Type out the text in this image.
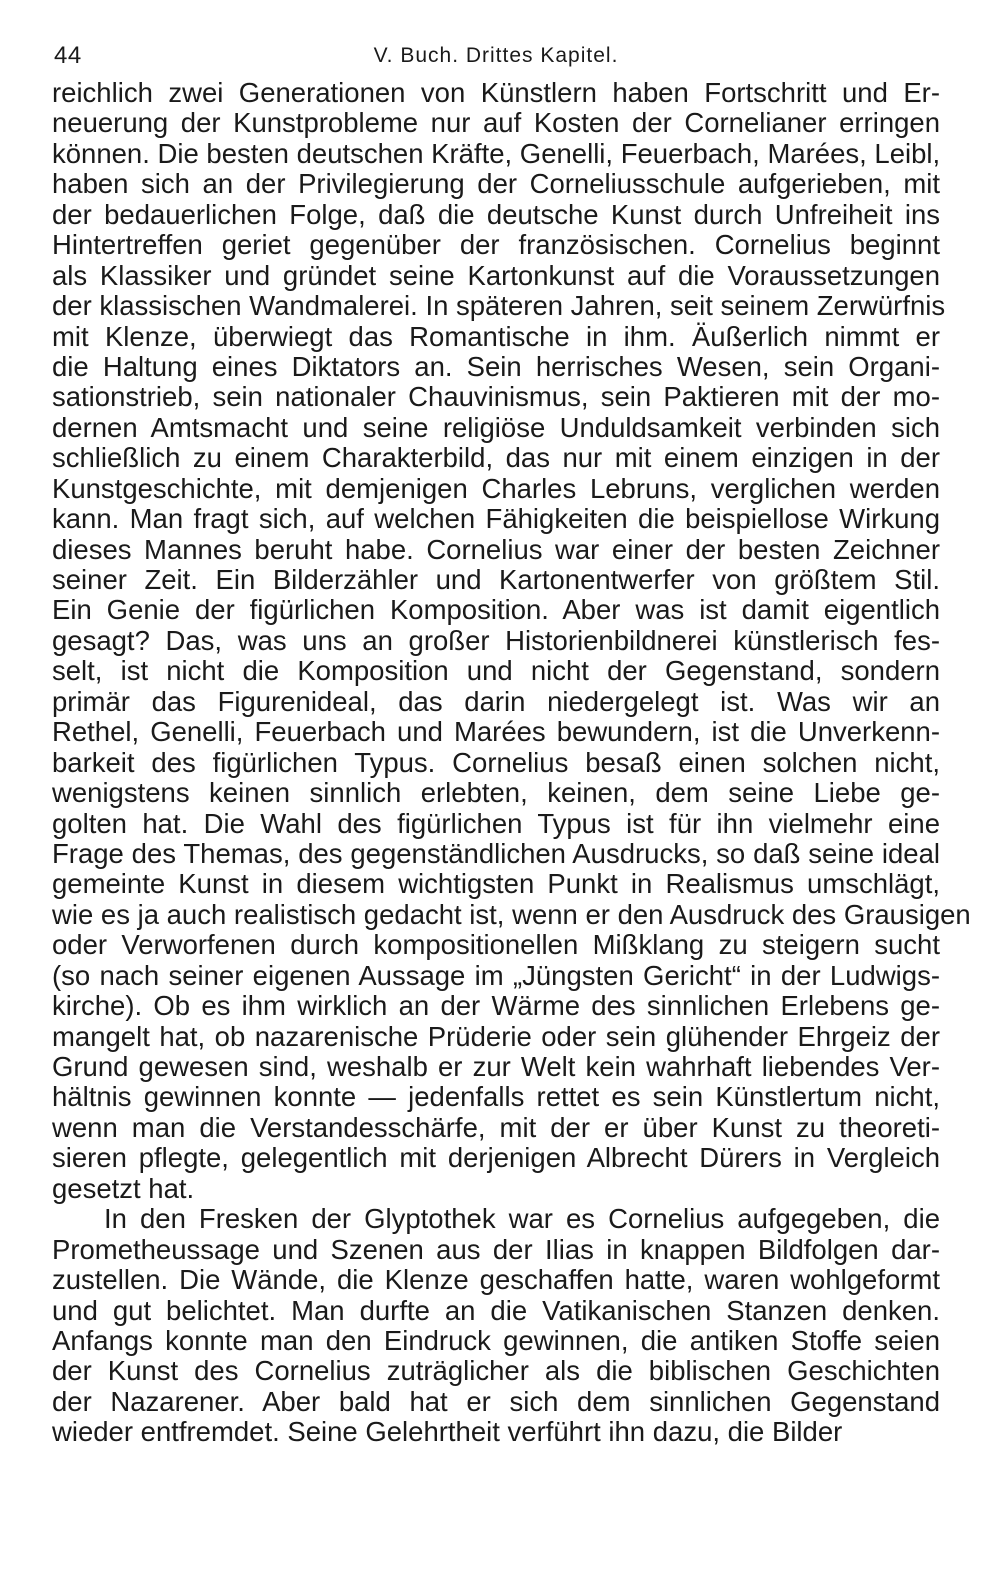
44	V. Buch. Drittes Kapitel.
reichlich zwei Generationen von Künstlern haben Fortschritt und Er-
neuerung der Kunstprobleme nur auf Kosten der Cornelianer erringen
können. Die besten deutschen Kräfte, Genelli, Feuerbach, Marées, Leibl,
haben sich an der Privilegierung der Corneliusschule aufgerieben, mit
der bedauerlichen Folge, daß die deutsche Kunst durch Unfreiheit ins
Hintertreffen geriet gegenüber der französischen. Cornelius beginnt
als Klassiker und gründet seine Kartonkunst auf die Voraussetzungen
der klassischen Wandmalerei. In späteren Jahren, seit seinem Zerwürfnis
mit Klenze, überwiegt das Romantische in ihm. Äußerlich nimmt er
die Haltung eines Diktators an. Sein herrisches Wesen, sein Organi-
sationstrieb, sein nationaler Chauvinismus, sein Paktieren mit der mo-
dernen Amtsmacht und seine religiöse Unduldsamkeit verbinden sich
schließlich zu einem Charakterbild, das nur mit einem einzigen in der
Kunstgeschichte, mit demjenigen Charles Lebruns, verglichen werden
kann. Man fragt sich, auf welchen Fähigkeiten die beispiellose Wirkung
dieses Mannes beruht habe. Cornelius war einer der besten Zeichner
seiner Zeit. Ein Bilderzähler und Kartonentwerfer von größtem Stil.
Ein Genie der figürlichen Komposition. Aber was ist damit eigentlich
gesagt? Das, was uns an großer Historienbildnerei künstlerisch fes-
selt, ist nicht die Komposition und nicht der Gegenstand, sondern
primär das Figurenideal, das darin niedergelegt ist. Was wir an
Rethel, Genelli, Feuerbach und Marées bewundern, ist die Unverkenn-
barkeit des figürlichen Typus. Cornelius besaß einen solchen nicht,
wenigstens keinen sinnlich erlebten, keinen, dem seine Liebe ge-
golten hat. Die Wahl des figürlichen Typus ist für ihn vielmehr eine
Frage des Themas, des gegenständlichen Ausdrucks, so daß seine ideal
gemeinte Kunst in diesem wichtigsten Punkt in Realismus umschlägt,
wie es ja auch realistisch gedacht ist, wenn er den Ausdruck des Grausigen
oder Verworfenen durch kompositionellen Mißklang zu steigern sucht
(so nach seiner eigenen Aussage im „Jüngsten Gericht“ in der Ludwigs-
kirche). Ob es ihm wirklich an der Wärme des sinnlichen Erlebens ge-
mangelt hat, ob nazarenische Prüderie oder sein glühender Ehrgeiz der
Grund gewesen sind, weshalb er zur Welt kein wahrhaft liebendes Ver-
hältnis gewinnen konnte — jedenfalls rettet es sein Künstlertum nicht,
wenn man die Verstandesschärfe, mit der er über Kunst zu theoreti-
sieren pflegte, gelegentlich mit derjenigen Albrecht Dürers in Vergleich
gesetzt hat.
In den Fresken der Glyptothek war es Cornelius aufgegeben, die
Prometheussage und Szenen aus der Ilias in knappen Bildfolgen dar-
zustellen. Die Wände, die Klenze geschaffen hatte, waren wohlgeformt
und gut belichtet. Man durfte an die Vatikanischen Stanzen denken.
Anfangs konnte man den Eindruck gewinnen, die antiken Stoffe seien
der Kunst des Cornelius zuträglicher als die biblischen Geschichten
der Nazarener. Aber bald hat er sich dem sinnlichen Gegenstand
wieder entfremdet. Seine Gelehrtheit verführt ihn dazu, die Bilder
